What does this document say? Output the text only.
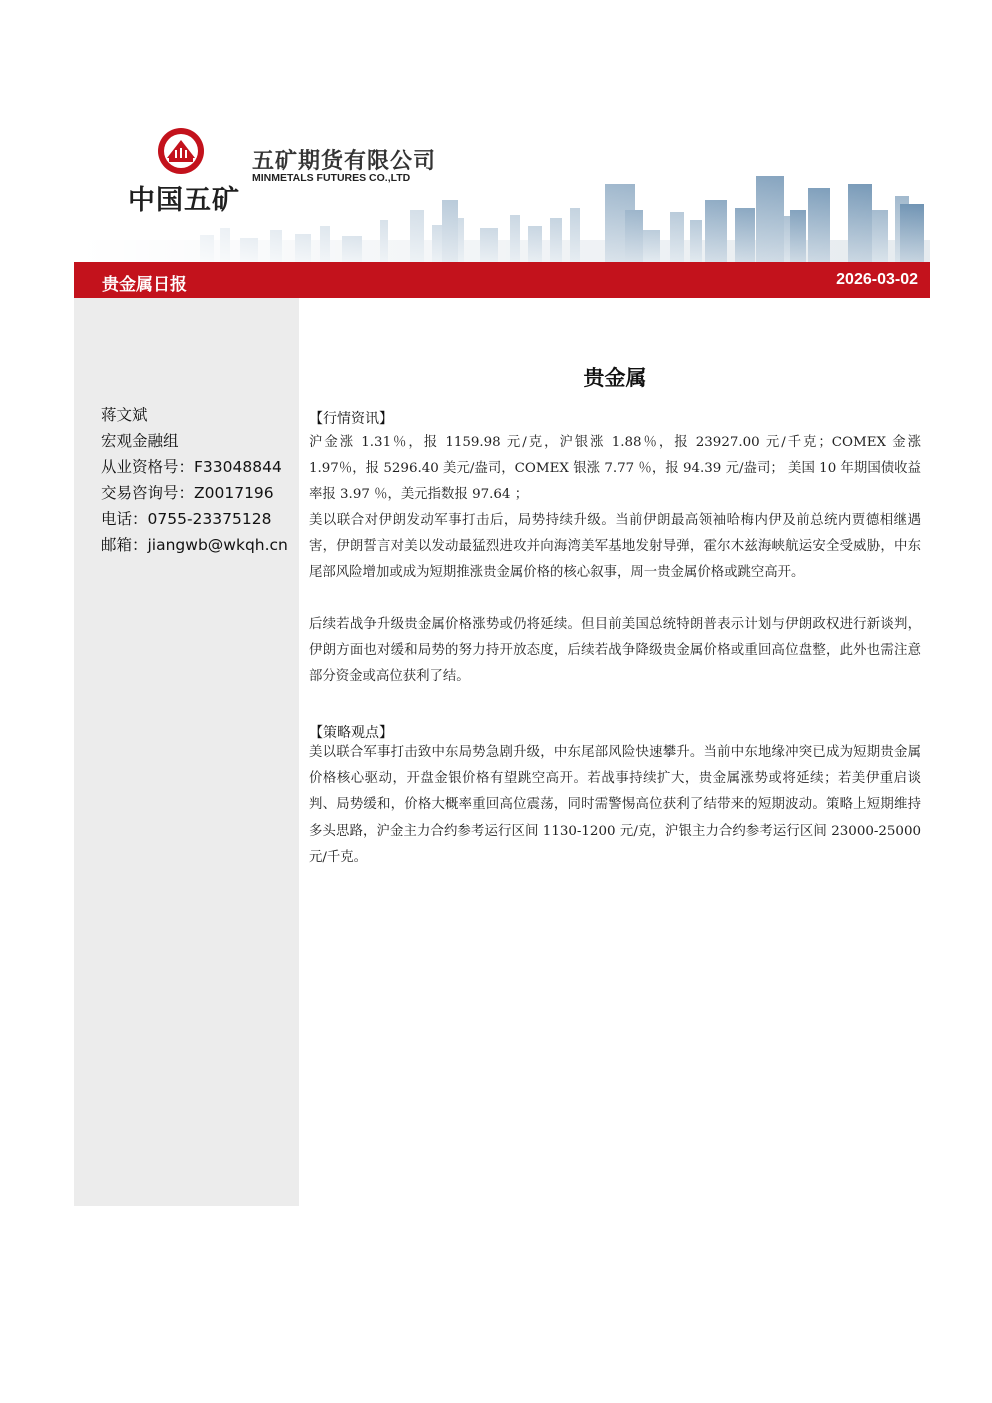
中国五矿
五矿期货有限公司
MINMETALS FUTURES CO.,LTD
贵金属日报	2026-03-02
蒋文斌
宏观金融组
从业资格号：F33048844
交易咨询号：Z0017196
电话：0755-23375128
邮箱：jiangwb@wkqh.cn
贵金属
【行情资讯】

沪金涨 1.31％，报 1159.98 元/克，沪银涨 1.88％，报 23927.00 元/千克；COMEX 金涨 1.97％，报 5296.40 美元/盎司，COMEX 银涨 7.77 ％，报 94.39 元/盎司； 美国 10 年期国债收益率报 3.97 ％，美元指数报 97.64 ；

美以联合对伊朗发动军事打击后，局势持续升级。当前伊朗最高领袖哈梅内伊及前总统内贾德相继遇害，伊朗誓言对美以发动最猛烈进攻并向海湾美军基地发射导弹，霍尔木兹海峡航运安全受威胁，中东尾部风险增加或成为短期推涨贵金属价格的核心叙事，周一贵金属价格或跳空高开。

后续若战争升级贵金属价格涨势或仍将延续。但目前美国总统特朗普表示计划与伊朗政权进行新谈判，伊朗方面也对缓和局势的努力持开放态度，后续若战争降级贵金属价格或重回高位盘整，此外也需注意部分资金或高位获利了结。

【策略观点】

美以联合军事打击致中东局势急剧升级，中东尾部风险快速攀升。当前中东地缘冲突已成为短期贵金属价格核心驱动，开盘金银价格有望跳空高开。若战事持续扩大，贵金属涨势或将延续；若美伊重启谈判、局势缓和，价格大概率重回高位震荡，同时需警惕高位获利了结带来的短期波动。策略上短期维持多头思路，沪金主力合约参考运行区间 1130-1200 元/克，沪银主力合约参考运行区间 23000-25000 元/千克。
